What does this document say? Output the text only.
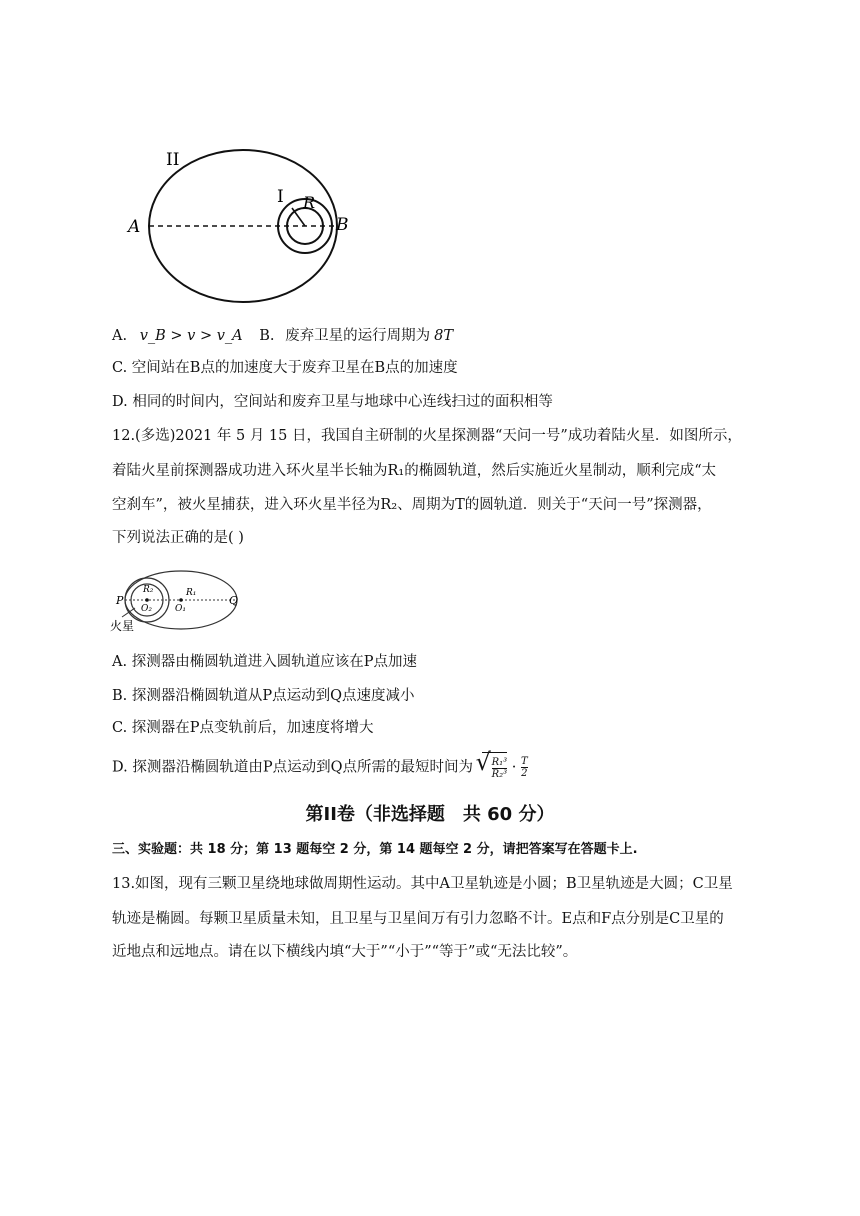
II
I R
A	B
A. v_B > v > v_A B. 废弃卫星的运行周期为 8T
C. 空间站在B点的加速度大于废弃卫星在B点的加速度
D. 相同的时间内，空间站和废弃卫星与地球中心连线扫过的面积相等
12.(多选)2021 年 5 月 15 日，我国自主研制的火星探测器“天问一号”成功着陆火星．如图所示，
着陆火星前探测器成功进入环火星半长轴为R₁的椭圆轨道，然后实施近火星制动，顺利完成“太
空刹车”，被火星捕获，进入环火星半径为R₂、周期为T的圆轨道．则关于“天问一号”探测器，
下列说法正确的是( )
P	Q
R₂	R₁
O₂	O₁
火星
A. 探测器由椭圆轨道进入圆轨道应该在P点加速
B. 探测器沿椭圆轨道从P点运动到Q点速度减小
C. 探测器在P点变轨前后，加速度将增大
D. 探测器沿椭圆轨道由P点运动到Q点所需的最短时间为
√ $\frac{\text{R₁³}}{\text{R₂³}} \cdot \frac{T}{2}$
第II卷（非选择题　共 60 分）
三、实验题：共 18 分；第 13 题每空 2 分，第 14 题每空 2 分，请把答案写在答题卡上.
13.如图，现有三颗卫星绕地球做周期性运动。其中A卫星轨迹是小圆；B卫星轨迹是大圆；C卫星
轨迹是椭圆。每颗卫星质量未知，且卫星与卫星间万有引力忽略不计。E点和F点分别是C卫星的
近地点和远地点。请在以下横线内填“大于”“小于”“等于”或“无法比较”。
